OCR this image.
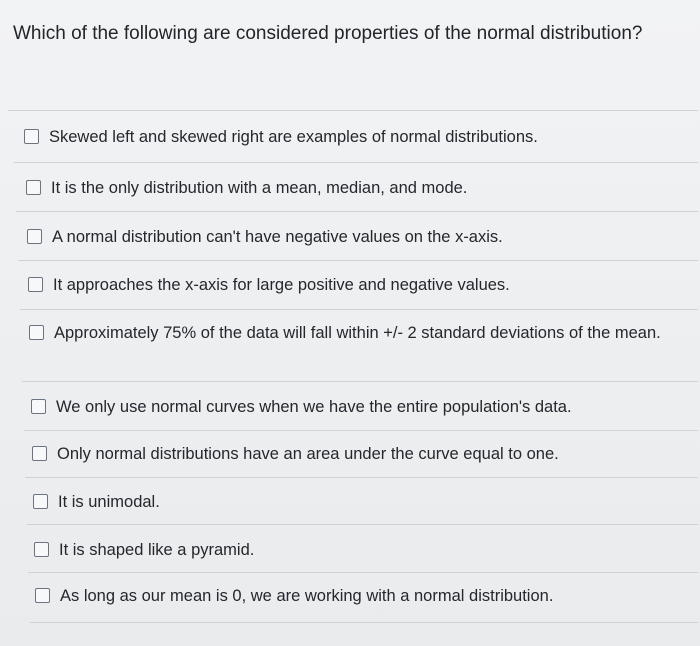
Which of the following are considered properties of the normal distribution?
Skewed left and skewed right are examples of normal distributions.
It is the only distribution with a mean, median, and mode.
A normal distribution can't have negative values on the x-axis.
It approaches the x-axis for large positive and negative values.
Approximately 75% of the data will fall within +/- 2 standard deviations of the mean.
We only use normal curves when we have the entire population's data.
Only normal distributions have an area under the curve equal to one.
It is unimodal.
It is shaped like a pyramid.
As long as our mean is 0, we are working with a normal distribution.
